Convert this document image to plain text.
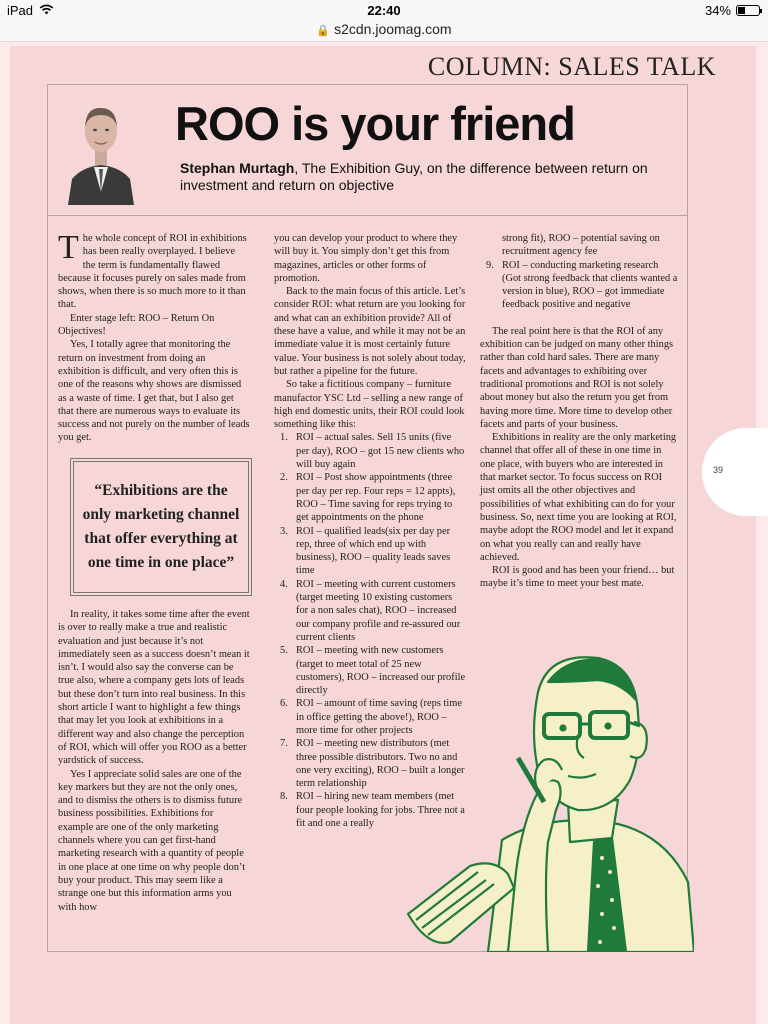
iPad	22:40	34%
🔒 s2cdn.joomag.com
COLUMN: SALES TALK
ROO is your friend
Stephan Murtagh, The Exhibition Guy, on the difference between return on investment and return on objective

The whole concept of ROI in exhibitions has been really overplayed. I believe the term is fundamentally flawed because it focuses purely on sales made from shows, when there is so much more to it than that.

Enter stage left: ROO – Return On Objectives!

Yes, I totally agree that monitoring the return on investment from doing an exhibition is difficult, and very often this is one of the reasons why shows are dismissed as a waste of time. I get that, but I also get that there are numerous ways to evaluate its success and not purely on the number of leads you get.

“Exhibitions are the only marketing channel that offer everything at one time in one place”

In reality, it takes some time after the event is over to really make a true and realistic evaluation and just because it’s not immediately seen as a success doesn’t mean it isn’t. I would also say the converse can be true also, where a company gets lots of leads but these don’t turn into real business. In this short article I want to highlight a few things that may let you look at exhibitions in a different way and also change the perception of ROI, which will offer you ROO as a better yardstick of success.

Yes I appreciate solid sales are one of the key markers but they are not the only ones, and to dismiss the others is to dismiss future business possibilities. Exhibitions for example are one of the only marketing channels where you can get first-hand marketing research with a quantity of people in one place at one time on why people don’t buy your product. This may seem like a strange one but this information arms you with how

you can develop your product to where they will buy it. You simply don’t get this from magazines, articles or other forms of promotion.

Back to the main focus of this article. Let’s consider ROI: what return are you looking for and what can an exhibition provide? All of these have a value, and while it may not be an immediate value it is most certainly future value. Your business is not solely about today, but rather a pipeline for the future.

So take a fictitious company – furniture manufactor YSC Ltd – selling a new range of high end domestic units, their ROI could look something like this:

1. ROI – actual sales. Sell 15 units (five per day), ROO – got 15 new clients who will buy again
2. ROI – Post show appointments (three per day per rep. Four reps = 12 appts), ROO – Time saving for reps trying to get appointments on the phone
3. ROI – qualified leads(six per day per rep, three of which end up with business), ROO – quality leads saves time
4. ROI – meeting with current customers (target meeting 10 existing customers for a non sales chat), ROO – increased our company profile and re-assured our current clients
5. ROI – meeting with new customers (target to meet total of 25 new customers), ROO – increased our profile directly
6. ROI – amount of time saving (reps time in office getting the above!), ROO – more time for other projects
7. ROI – meeting new distributors (met three possible distributors. Two no and one very exciting), ROO – built a longer term relationship
8. ROI – hiring new team members (met four people looking for jobs. Three not a fit and one a really
strong fit), ROO – potential saving on recruitment agency fee
9. ROI – conducting marketing research (Got strong feedback that clients wanted a version in blue), ROO – got immediate feedback positive and negative

The real point here is that the ROI of any exhibition can be judged on many other things rather than cold hard sales. There are many facets and advantages to exhibiting over traditional promotions and ROI is not solely about money but also the return you get from having more time. More time to develop other facets and parts of your business.

Exhibitions in reality are the only marketing channel that offer all of these in one time in one place, with buyers who are interested in that market sector. To focus success on ROI just omits all the other objectives and possibilities of what exhibiting can do for your business. So, next time you are looking at ROI, maybe adopt the ROO model and let it expand on what you really can and really have achieved.

ROI is good and has been your friend… but maybe it’s time to meet your best mate.

39
